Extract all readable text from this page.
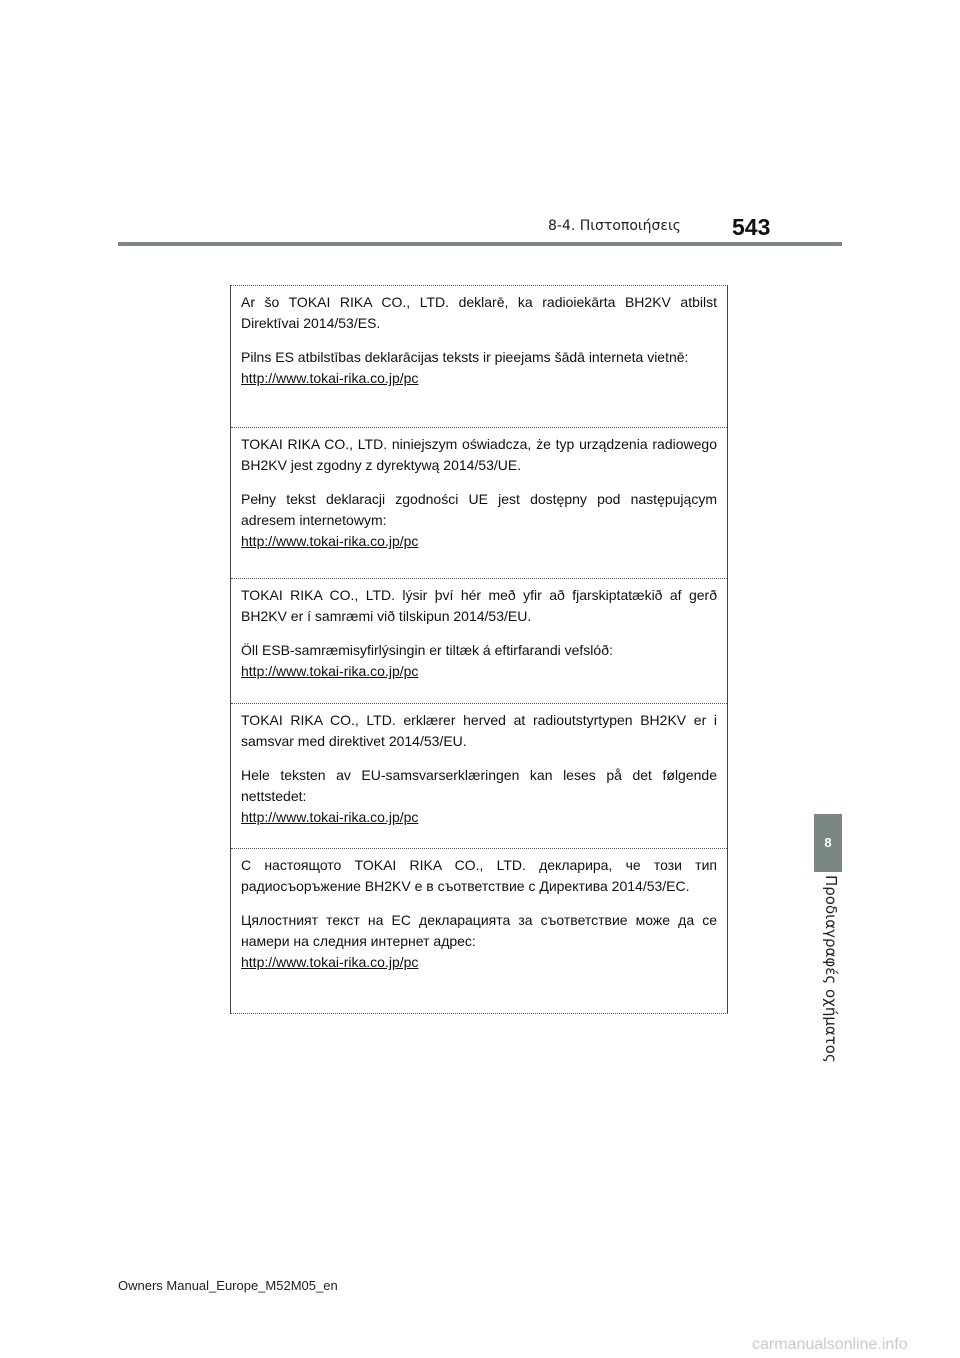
8-4. Πιστοποιήσεις 543
8
Προδιαγραφές οχήματος

Ar šo TOKAI RIKA CO., LTD. deklarē, ka radioiekārta BH2KV atbilst Direktīvai 2014/53/ES.

Pilns ES atbilstības deklarācijas teksts ir pieejams šādā interneta vietnē:

http://www.tokai-rika.co.jp/pc

TOKAI RIKA CO., LTD. niniejszym oświadcza, że typ urządzenia radiowego BH2KV jest zgodny z dyrektywą 2014/53/UE.

Pełny tekst deklaracji zgodności UE jest dostępny pod następującym adresem internetowym:

http://www.tokai-rika.co.jp/pc

TOKAI RIKA CO., LTD. lýsir því hér með yfir að fjarskiptatækið af gerð BH2KV er í samræmi við tilskipun 2014/53/EU.

Öll ESB-samræmisyfirlýsingin er tiltæk á eftirfarandi vefslóð:

http://www.tokai-rika.co.jp/pc

TOKAI RIKA CO., LTD. erklærer herved at radioutstyrtypen BH2KV er i samsvar med direktivet 2014/53/EU.

Hele teksten av EU-samsvarserklæringen kan leses på det følgende nettstedet:

http://www.tokai-rika.co.jp/pc

С настоящото TOKAI RIKA CO., LTD. декларира, че този тип радиосъоръжение BH2KV е в съответствие с Директива 2014/53/ЕС.

Цялостният текст на ЕС декларацията за съответствие може да се намери на следния интернет адрес:

http://www.tokai-rika.co.jp/pc
Owners Manual_Europe_M52M05_en
carmanualsonline.info
